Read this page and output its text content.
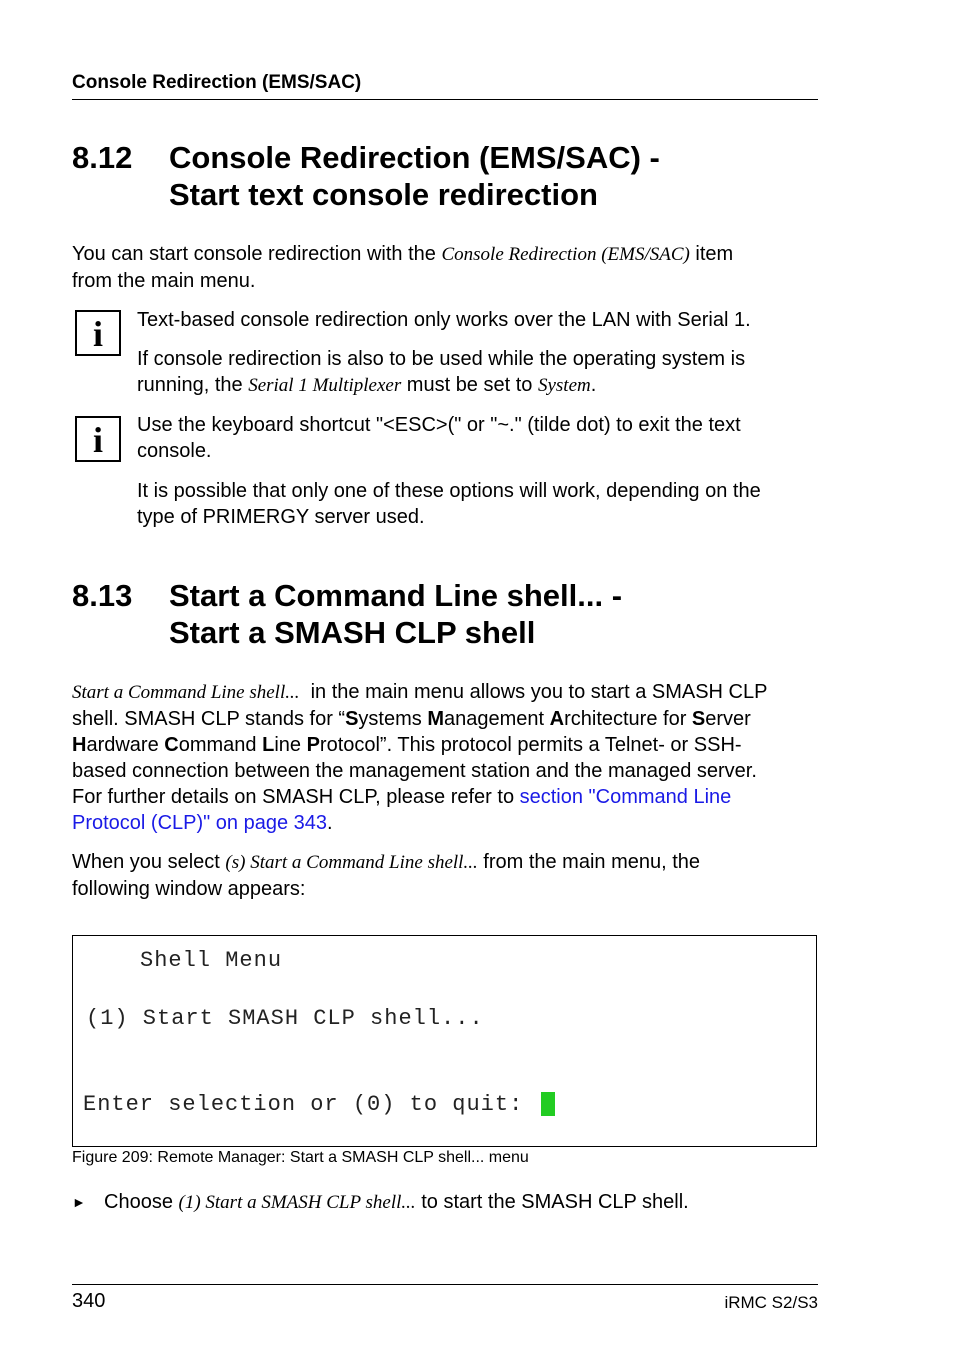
Console Redirection (EMS/SAC)
8.12 Console Redirection (EMS/SAC) -
Start text console redirection
You can start console redirection with the Console Redirection (EMS/SAC) item
from the main menu.
i	Text-based console redirection only works over the LAN with Serial 1.
If console redirection is also to be used while the operating system is
running, the Serial 1 Multiplexer must be set to System.
i	Use the keyboard shortcut "<ESC>(" or "~." (tilde dot) to exit the text
console.
It is possible that only one of these options will work, depending on the
type of PRIMERGY server used.
8.13 Start a Command Line shell... -
Start a SMASH CLP shell
Start a Command Line shell...  in the main menu allows you to start a SMASH CLP
shell. SMASH CLP stands for “Systems Management Architecture for Server
Hardware Command Line Protocol”. This protocol permits a Telnet- or SSH-
based connection between the management station and the managed server.
For further details on SMASH CLP, please refer to section "Command Line
Protocol (CLP)" on page 343.
When you select (s) Start a Command Line shell... from the main menu, the
following window appears:
Shell Menu
(1) Start SMASH CLP shell...
Enter selection or (0) to quit:
Figure 209: Remote Manager: Start a SMASH CLP shell... menu
► Choose (1) Start a SMASH CLP shell... to start the SMASH CLP shell.
340	iRMC S2/S3
